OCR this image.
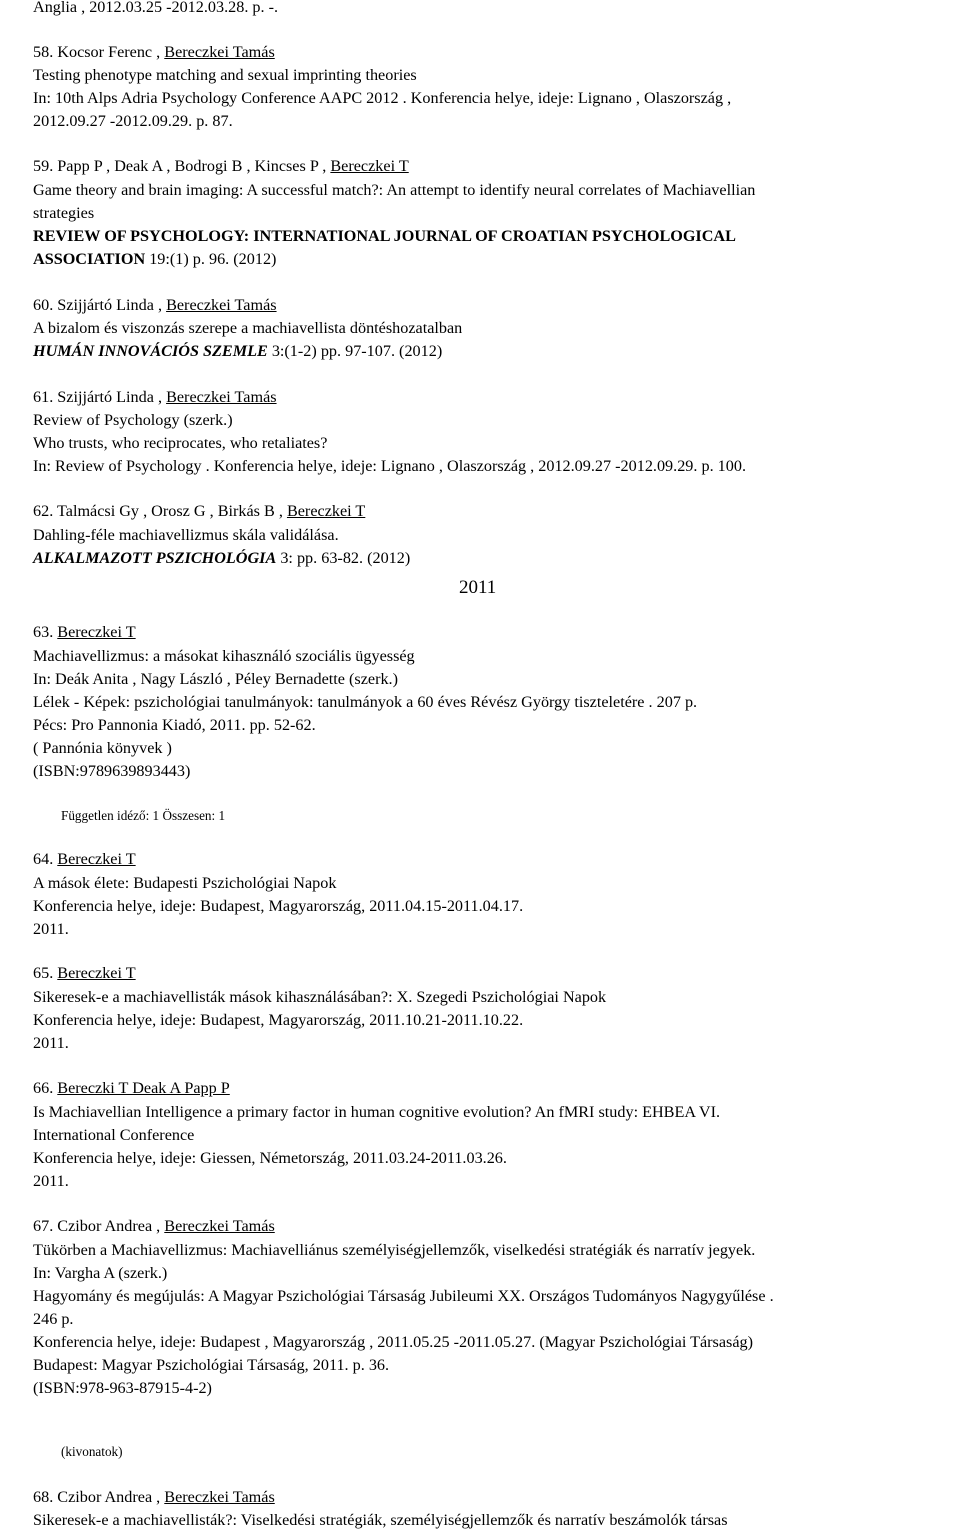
Anglia , 2012.03.25 -2012.03.28. p. -.
58. Kocsor Ferenc , Bereczkei Tamás
Testing phenotype matching and sexual imprinting theories
In: 10th Alps Adria Psychology Conference AAPC 2012 . Konferencia helye, ideje: Lignano , Olaszország ,
2012.09.27 -2012.09.29. p. 87.
59. Papp P , Deak A , Bodrogi B , Kincses P , Bereczkei T
Game theory and brain imaging: A successful match?: An attempt to identify neural correlates of Machiavellian
strategies
REVIEW OF PSYCHOLOGY: INTERNATIONAL JOURNAL OF CROATIAN PSYCHOLOGICAL
ASSOCIATION 19:(1) p. 96. (2012)
60. Szijjártó Linda , Bereczkei Tamás
A bizalom és viszonzás szerepe a machiavellista döntéshozatalban
HUMÁN INNOVÁCIÓS SZEMLE 3:(1-2) pp. 97-107. (2012)
61. Szijjártó Linda , Bereczkei Tamás
Review of Psychology (szerk.)
Who trusts, who reciprocates, who retaliates?
In: Review of Psychology . Konferencia helye, ideje: Lignano , Olaszország , 2012.09.27 -2012.09.29. p. 100.
62. Talmácsi Gy , Orosz G , Birkás B , Bereczkei T
Dahling-féle machiavellizmus skála validálása.
ALKALMAZOTT PSZICHOLÓGIA 3: pp. 63-82. (2012)
2011
63. Bereczkei T
Machiavellizmus: a másokat kihasználó szociális ügyesség
In: Deák Anita , Nagy László , Péley Bernadette (szerk.)
Lélek - Képek: pszichológiai tanulmányok: tanulmányok a 60 éves Révész György tiszteletére . 207 p.
Pécs: Pro Pannonia Kiadó, 2011. pp. 52-62.
( Pannónia könyvek )
(ISBN:9789639893443)
Független idéző: 1 Összesen: 1
64. Bereczkei T
A mások élete: Budapesti Pszichológiai Napok
Konferencia helye, ideje: Budapest, Magyarország, 2011.04.15-2011.04.17.
2011.
65. Bereczkei T
Sikeresek-e a machiavellisták mások kihasználásában?: X. Szegedi Pszichológiai Napok
Konferencia helye, ideje: Budapest, Magyarország, 2011.10.21-2011.10.22.
2011.
66. Bereczki T Deak A Papp P
Is Machiavellian Intelligence a primary factor in human cognitive evolution? An fMRI study: EHBEA VI.
International Conference
Konferencia helye, ideje: Giessen, Németország, 2011.03.24-2011.03.26.
2011.
67. Czibor Andrea , Bereczkei Tamás
Tükörben a Machiavellizmus: Machiavelliánus személyiségjellemzők, viselkedési stratégiák és narratív jegyek.
In: Vargha A (szerk.)
Hagyomány és megújulás: A Magyar Pszichológiai Társaság Jubileumi XX. Országos Tudományos Nagygyűlése .
246 p.
Konferencia helye, ideje: Budapest , Magyarország , 2011.05.25 -2011.05.27. (Magyar Pszichológiai Társaság)
Budapest: Magyar Pszichológiai Társaság, 2011. p. 36.
(ISBN:978-963-87915-4-2)
(kivonatok)
68. Czibor Andrea , Bereczkei Tamás
Sikeresek-e a machiavellisták?: Viselkedési stratégiák, személyiségjellemzők és narratív beszámolók társas
